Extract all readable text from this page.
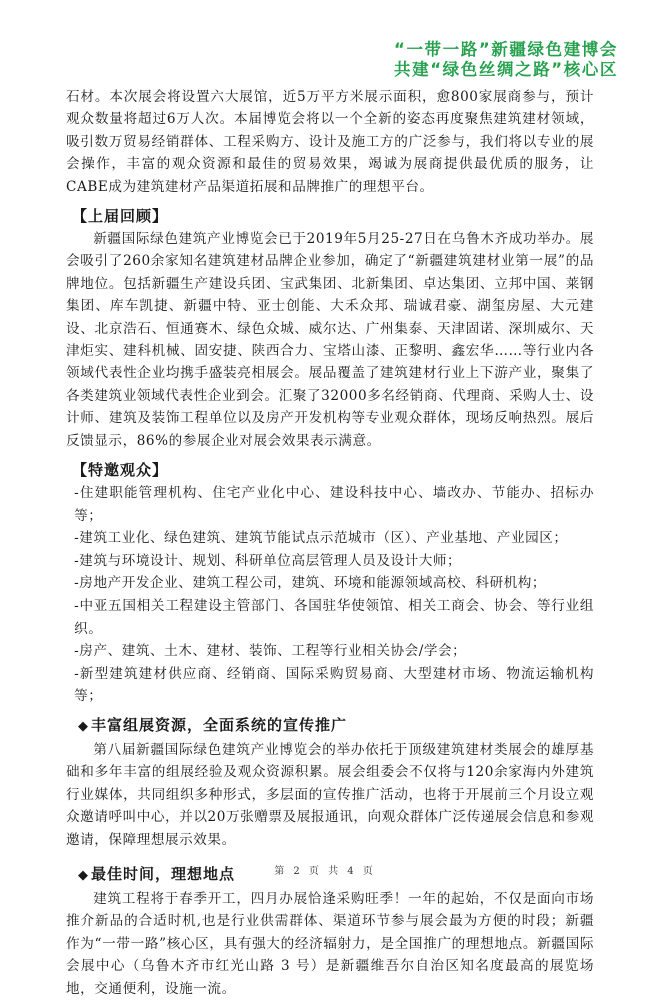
“一带一路”新疆绿色建博会
共建“绿色丝绸之路”核心区

石材。本次展会将设置六大展馆，近5万平方米展示面积，愈800家展商参与，预计观众数量将超过6万人次。本届博览会将以一个全新的姿态再度聚焦建筑建材领域，吸引数万贸易经销群体、工程采购方、设计及施工方的广泛参与，我们将以专业的展会操作，丰富的观众资源和最佳的贸易效果，竭诚为展商提供最优质的服务，让CABE成为建筑建材产品渠道拓展和品牌推广的理想平台。

【上届回顾】

新疆国际绿色建筑产业博览会已于2019年5月25-27日在乌鲁木齐成功举办。展会吸引了260余家知名建筑建材品牌企业参加，确定了“新疆建筑建材业第一展”的品牌地位。包括新疆生产建设兵团、宝武集团、北新集团、卓达集团、立邦中国、莱钢集团、库车凯捷、新疆中特、亚士创能、大禾众邦、瑞诚君豪、湖玺房屋、大元建设、北京浩石、恒通赛木、绿色众城、威尔达、广州集泰、天津固诺、深圳威尔、天津炬实、建科机械、固安捷、陕西合力、宝塔山漆、正黎明、鑫宏华……等行业内各领域代表性企业均携手盛装亮相展会。展品覆盖了建筑建材行业上下游产业，聚集了各类建筑业领域代表性企业到会。汇聚了32000多名经销商、代理商、采购人士、设计师、建筑及装饰工程单位以及房产开发机构等专业观众群体，现场反响热烈。展后反馈显示，86%的参展企业对展会效果表示满意。

【特邀观众】
-住建职能管理机构、住宅产业化中心、建设科技中心、墙改办、节能办、招标办等；
-建筑工业化、绿色建筑、建筑节能试点示范城市（区）、产业基地、产业园区；
-建筑与环境设计、规划、科研单位高层管理人员及设计大师；
-房地产开发企业、建筑工程公司，建筑、环境和能源领域高校、科研机构；
-中亚五国相关工程建设主管部门、各国驻华使领馆、相关工商会、协会、等行业组织。
-房产、建筑、土木、建材、装饰、工程等行业相关协会/学会；
-新型建筑建材供应商、经销商、国际采购贸易商、大型建材市场、物流运输机构等；
◆ 丰富组展资源，全面系统的宣传推广

第八届新疆国际绿色建筑产业博览会的举办依托于顶级建筑建材类展会的雄厚基础和多年丰富的组展经验及观众资源积累。展会组委会不仅将与120余家海内外建筑行业媒体，共同组织多种形式，多层面的宣传推广活动，也将于开展前三个月设立观众邀请呼叫中心，并以20万张赠票及展报通讯，向观众群体广泛传递展会信息和参观邀请，保障理想展示效果。

◆ 最佳时间，理想地点

建筑工程将于春季开工，四月办展恰逢采购旺季！一年的起始，不仅是面向市场推介新品的合适时机,也是行业供需群体、渠道环节参与展会最为方便的时段；新疆作为“一带一路”核心区，具有强大的经济辐射力，是全国推广的理想地点。新疆国际会展中心（乌鲁木齐市红光山路 3 号）是新疆维吾尔自治区知名度最高的展览场地，交通便利，设施一流。

第 2 页 共 4 页
